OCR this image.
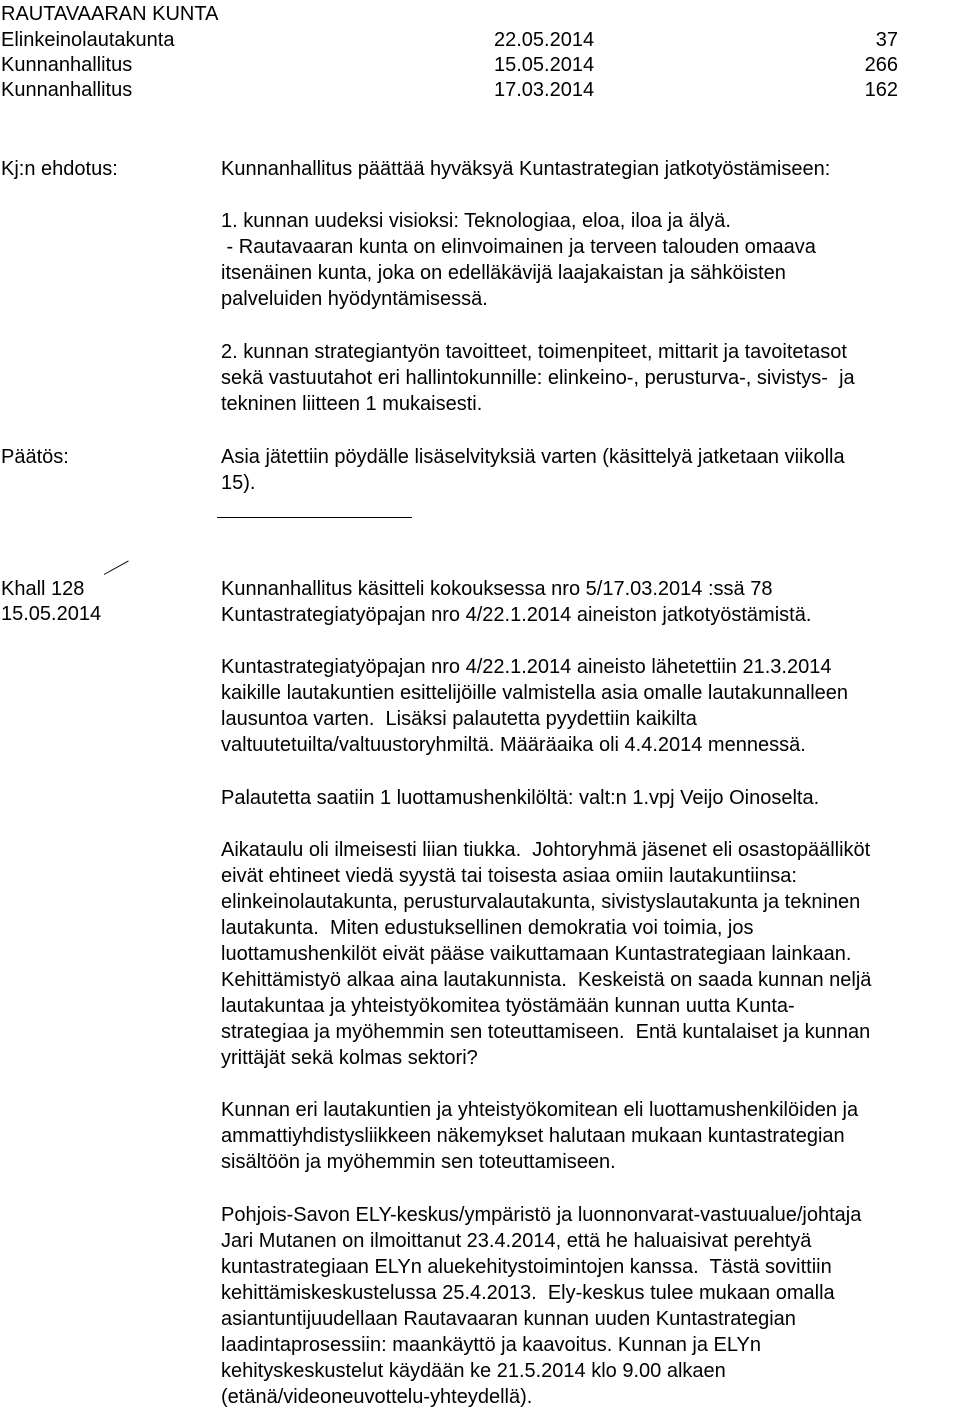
RAUTAVAARAN KUNTA
Elinkeinolautakunta	22.05.2014	37
Kunnanhallitus	15.05.2014	266
Kunnanhallitus	17.03.2014	162
Kj:n ehdotus:	Kunnanhallitus päättää hyväksyä Kuntastrategian jatkotyöstämiseen:
1. kunnan uudeksi visioksi: Teknologiaa, eloa, iloa ja älyä.
- Rautavaaran kunta on elinvoimainen ja terveen talouden omaava
itsenäinen kunta, joka on edelläkävijä laajakaistan ja sähköisten
palveluiden hyödyntämisessä.
2. kunnan strategiantyön tavoitteet, toimenpiteet, mittarit ja tavoitetasot
sekä vastuutahot eri hallintokunnille: elinkeino-, perusturva-, sivistys-  ja
tekninen liitteen 1 mukaisesti.
Päätös:	Asia jätettiin pöydälle lisäselvityksiä varten (käsittelyä jatketaan viikolla
15).
Khall 128
15.05.2014
Kunnanhallitus käsitteli kokouksessa nro 5/17.03.2014 :ssä 78
Kuntastrategiatyöpajan nro 4/22.1.2014 aineiston jatkotyöstämistä.
Kuntastrategiatyöpajan nro 4/22.1.2014 aineisto lähetettiin 21.3.2014
kaikille lautakuntien esittelijöille valmistella asia omalle lautakunnalleen
lausuntoa varten.  Lisäksi palautetta pyydettiin kaikilta
valtuutetuilta/valtuustoryhmiltä. Määräaika oli 4.4.2014 mennessä.
Palautetta saatiin 1 luottamushenkilöltä: valt:n 1.vpj Veijo Oinoselta.
Aikataulu oli ilmeisesti liian tiukka.  Johtoryhmä jäsenet eli osastopäälliköt
eivät ehtineet viedä syystä tai toisesta asiaa omiin lautakuntiinsa:
elinkeinolautakunta, perusturvalautakunta, sivistyslautakunta ja tekninen
lautakunta.  Miten edustuksellinen demokratia voi toimia, jos
luottamushenkilöt eivät pääse vaikuttamaan Kuntastrategiaan lainkaan.
Kehittämistyö alkaa aina lautakunnista.  Keskeistä on saada kunnan neljä
lautakuntaa ja yhteistyökomitea työstämään kunnan uutta Kunta-
strategiaa ja myöhemmin sen toteuttamiseen.  Entä kuntalaiset ja kunnan
yrittäjät sekä kolmas sektori?
Kunnan eri lautakuntien ja yhteistyökomitean eli luottamushenkilöiden ja
ammattiyhdistysliikkeen näkemykset halutaan mukaan kuntastrategian
sisältöön ja myöhemmin sen toteuttamiseen.
Pohjois-Savon ELY-keskus/ympäristö ja luonnonvarat-vastuualue/johtaja
Jari Mutanen on ilmoittanut 23.4.2014, että he haluaisivat perehtyä
kuntastrategiaan ELYn aluekehitystoimintojen kanssa.  Tästä sovittiin
kehittämiskeskustelussa 25.4.2013.  Ely-keskus tulee mukaan omalla
asiantuntijuudellaan Rautavaaran kunnan uuden Kuntastrategian
laadintaprosessiin: maankäyttö ja kaavoitus. Kunnan ja ELYn
kehityskeskustelut käydään ke 21.5.2014 klo 9.00 alkaen
(etänä/videoneuvottelu-yhteydellä).
